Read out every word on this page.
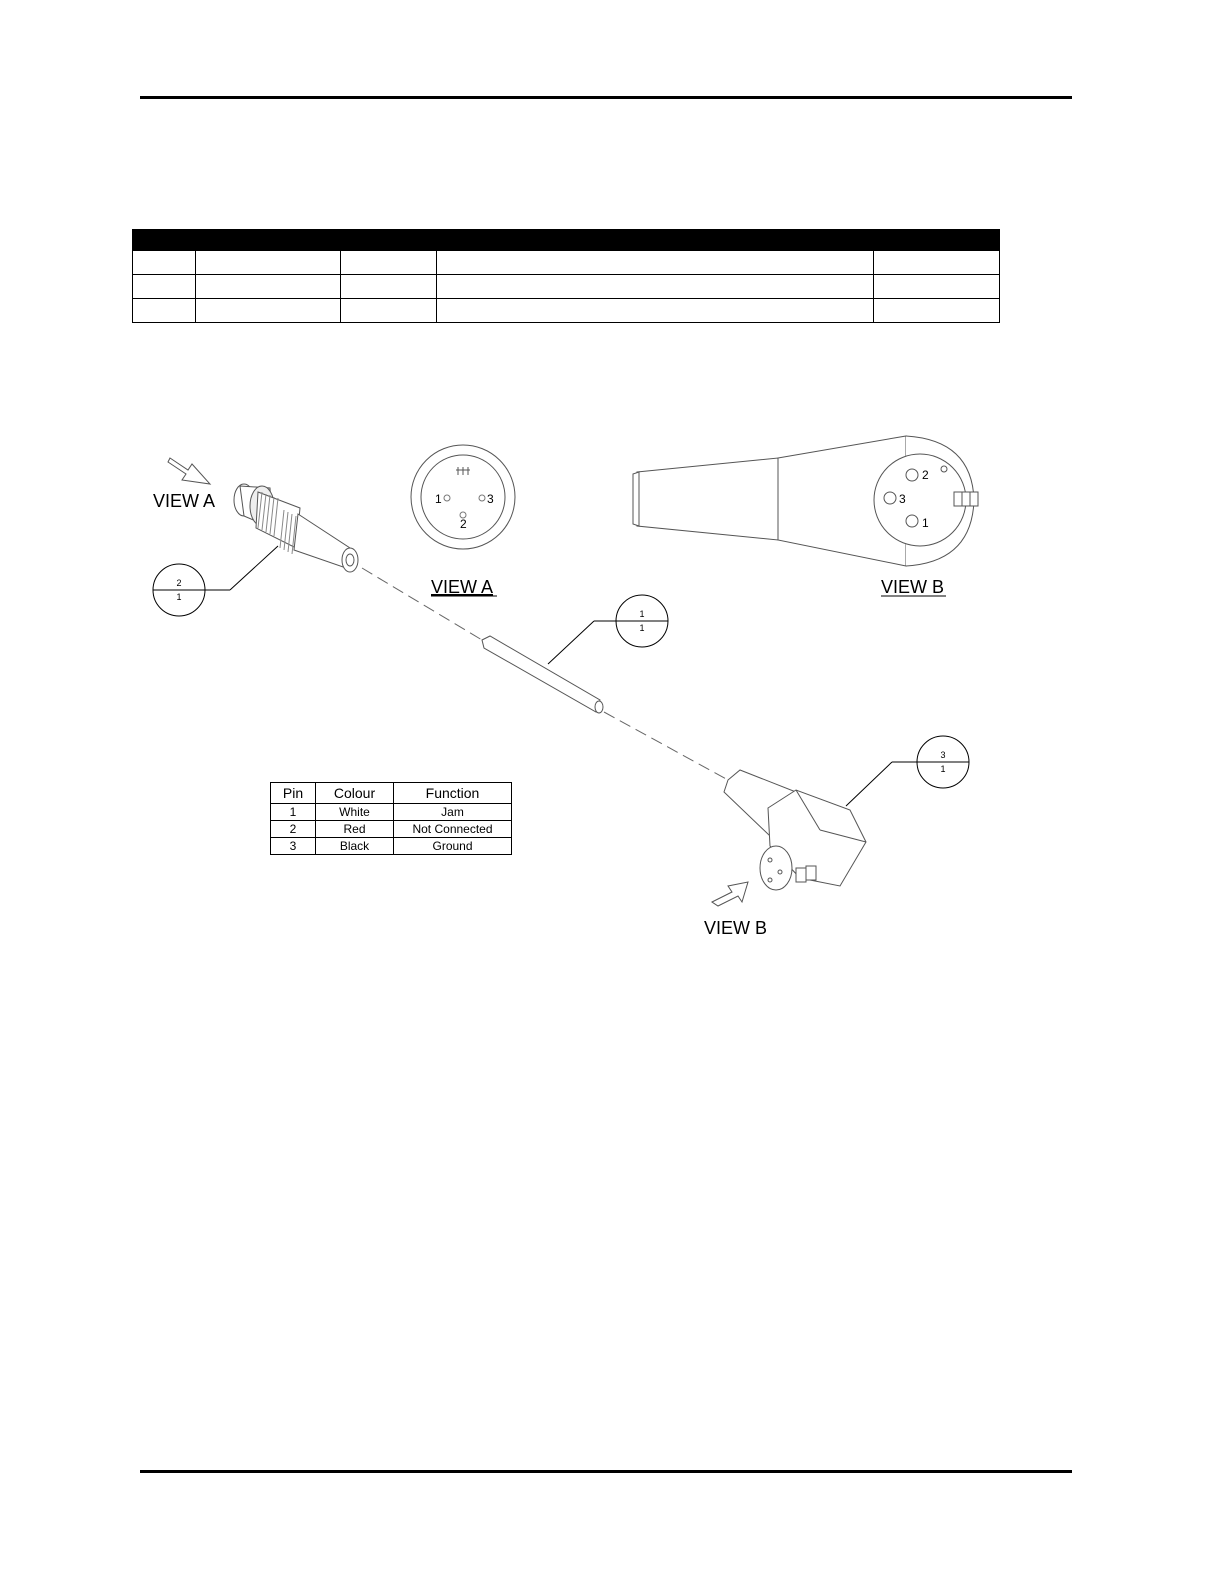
VIEW A
2
1
1
1
3
1
VIEW B
1	3
2
VIEW A
2
3
1
VIEW B
Pin	Colour	Function
1	White	Jam
2	Red	Not Connected
3	Black	Ground
